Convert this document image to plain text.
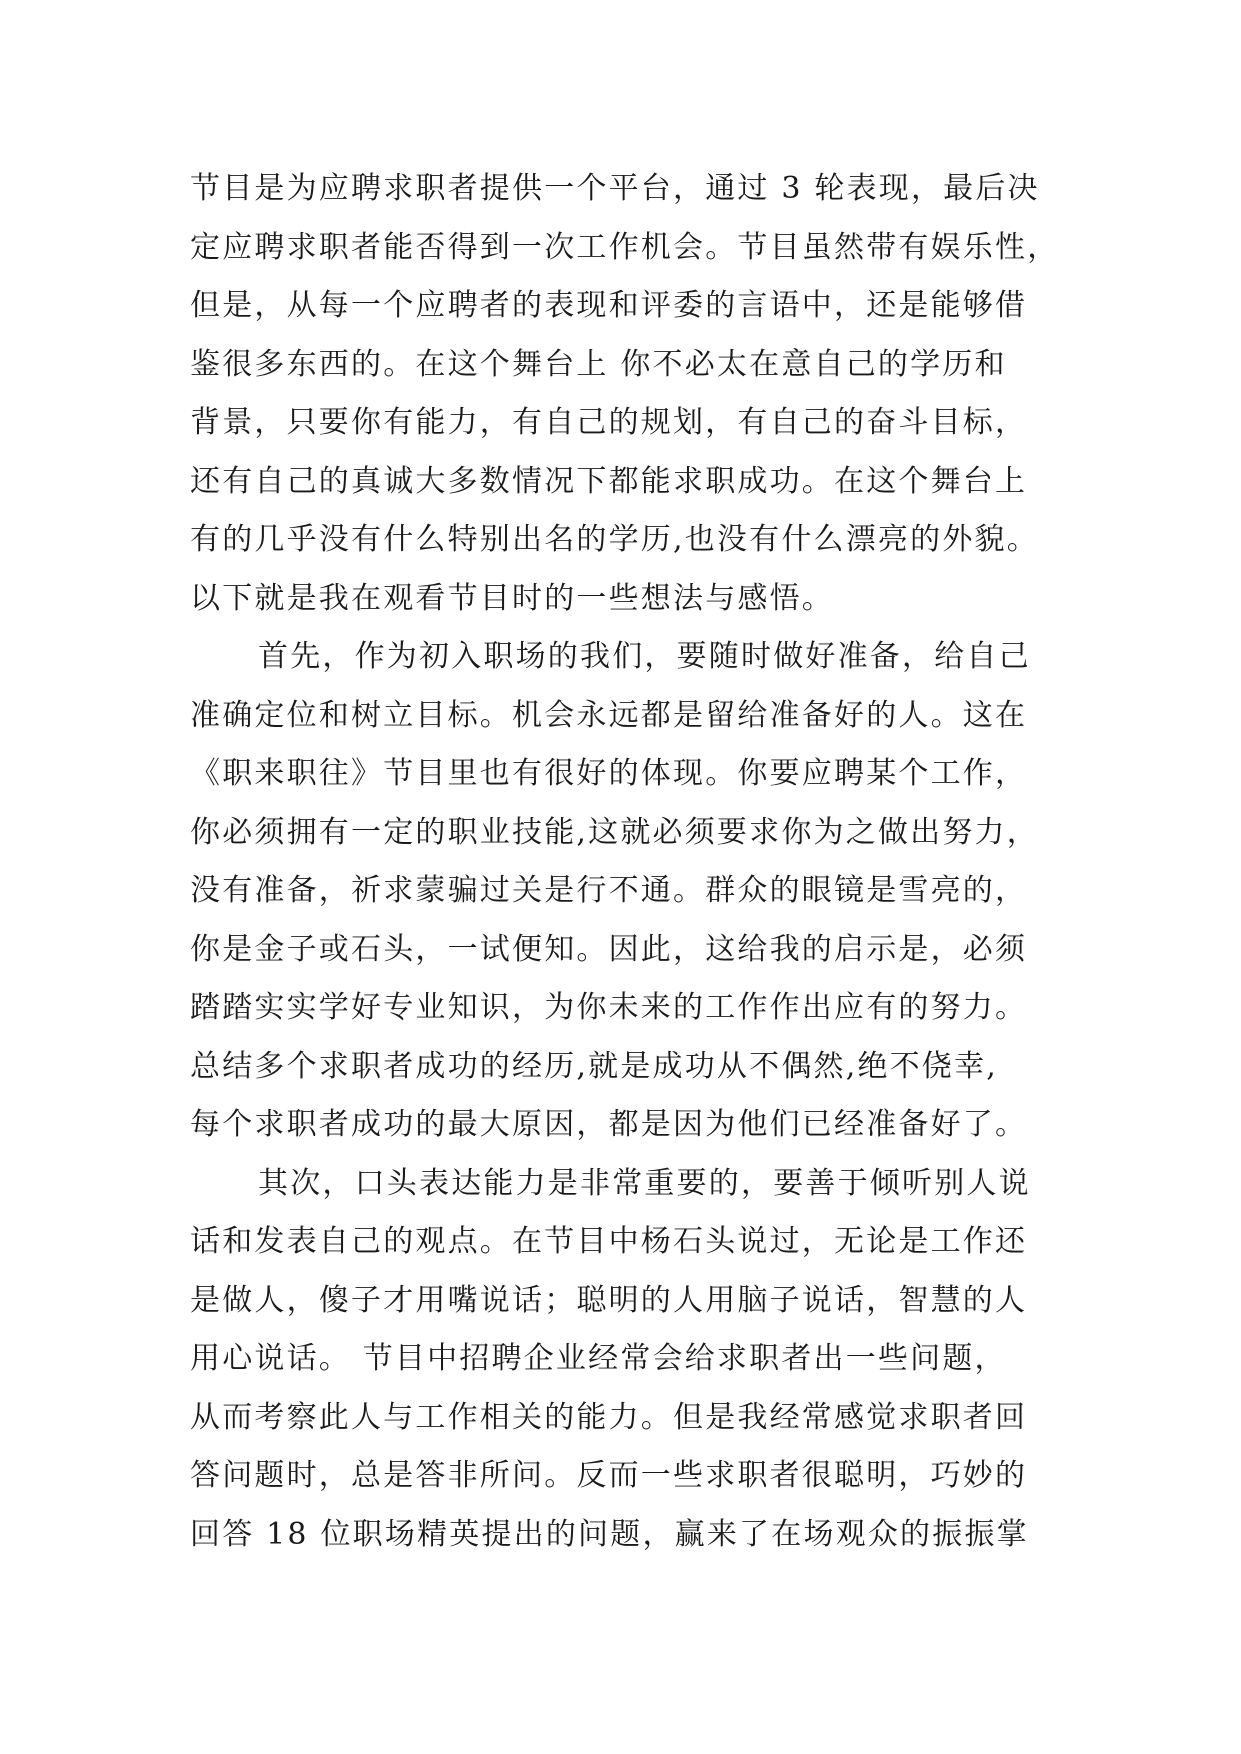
节目是为应聘求职者提供一个平台，通过 3 轮表现，最后决
定应聘求职者能否得到一次工作机会。节目虽然带有娱乐性，
但是，从每一个应聘者的表现和评委的言语中，还是能够借
鉴很多东西的。在这个舞台上 你不必太在意自己的学历和
背景，只要你有能力，有自己的规划，有自己的奋斗目标，
还有自己的真诚大多数情况下都能求职成功。在这个舞台上
有的几乎没有什么特别出名的学历,也没有什么漂亮的外貌。
以下就是我在观看节目时的一些想法与感悟。
首先，作为初入职场的我们，要随时做好准备，给自己
准确定位和树立目标。机会永远都是留给准备好的人。这在
《职来职往》节目里也有很好的体现。你要应聘某个工作，
你必须拥有一定的职业技能,这就必须要求你为之做出努力，
没有准备，祈求蒙骗过关是行不通。群众的眼镜是雪亮的，
你是金子或石头，一试便知。因此，这给我的启示是，必须
踏踏实实学好专业知识，为你未来的工作作出应有的努力。
总结多个求职者成功的经历,就是成功从不偶然,绝不侥幸,
每个求职者成功的最大原因，都是因为他们已经准备好了。
其次，口头表达能力是非常重要的，要善于倾听别人说
话和发表自己的观点。在节目中杨石头说过，无论是工作还
是做人，傻子才用嘴说话；聪明的人用脑子说话，智慧的人
用心说话。 节目中招聘企业经常会给求职者出一些问题，
从而考察此人与工作相关的能力。但是我经常感觉求职者回
答问题时，总是答非所问。反而一些求职者很聪明，巧妙的
回答 18 位职场精英提出的问题，赢来了在场观众的振振掌
